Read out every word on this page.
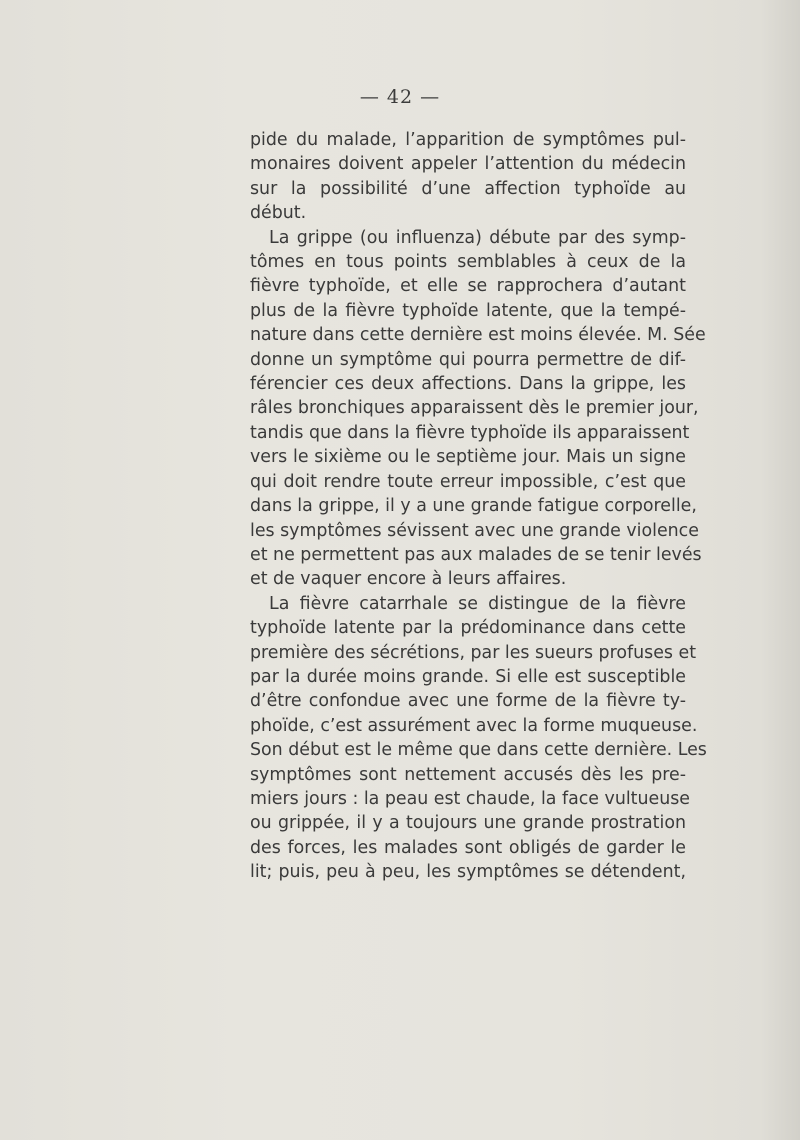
— 42 —
pide du malade, l’apparition de symptômes pul-
monaires doivent appeler l’attention du médecin
sur la possibilité d’une affection typhoïde au
début.
La grippe (ou influenza) débute par des symp-
tômes en tous points semblables à ceux de la
fièvre typhoïde, et elle se rapprochera d’autant
plus de la fièvre typhoïde latente, que la tempé-
nature dans cette dernière est moins élevée. M. Sée
donne un symptôme qui pourra permettre de dif-
férencier ces deux affections. Dans la grippe, les
râles bronchiques apparaissent dès le premier jour,
tandis que dans la fièvre typhoïde ils apparaissent
vers le sixième ou le septième jour. Mais un signe
qui doit rendre toute erreur impossible, c’est que
dans la grippe, il y a une grande fatigue corporelle,
les symptômes sévissent avec une grande violence
et ne permettent pas aux malades de se tenir levés
et de vaquer encore à leurs affaires.
La fièvre catarrhale se distingue de la fièvre
typhoïde latente par la prédominance dans cette
première des sécrétions, par les sueurs profuses et
par la durée moins grande. Si elle est susceptible
d’être confondue avec une forme de la fièvre ty-
phoïde, c’est assurément avec la forme muqueuse.
Son début est le même que dans cette dernière. Les
symptômes sont nettement accusés dès les pre-
miers jours : la peau est chaude, la face vultueuse
ou grippée, il y a toujours une grande prostration
des forces, les malades sont obligés de garder le
lit; puis, peu à peu, les symptômes se détendent,
